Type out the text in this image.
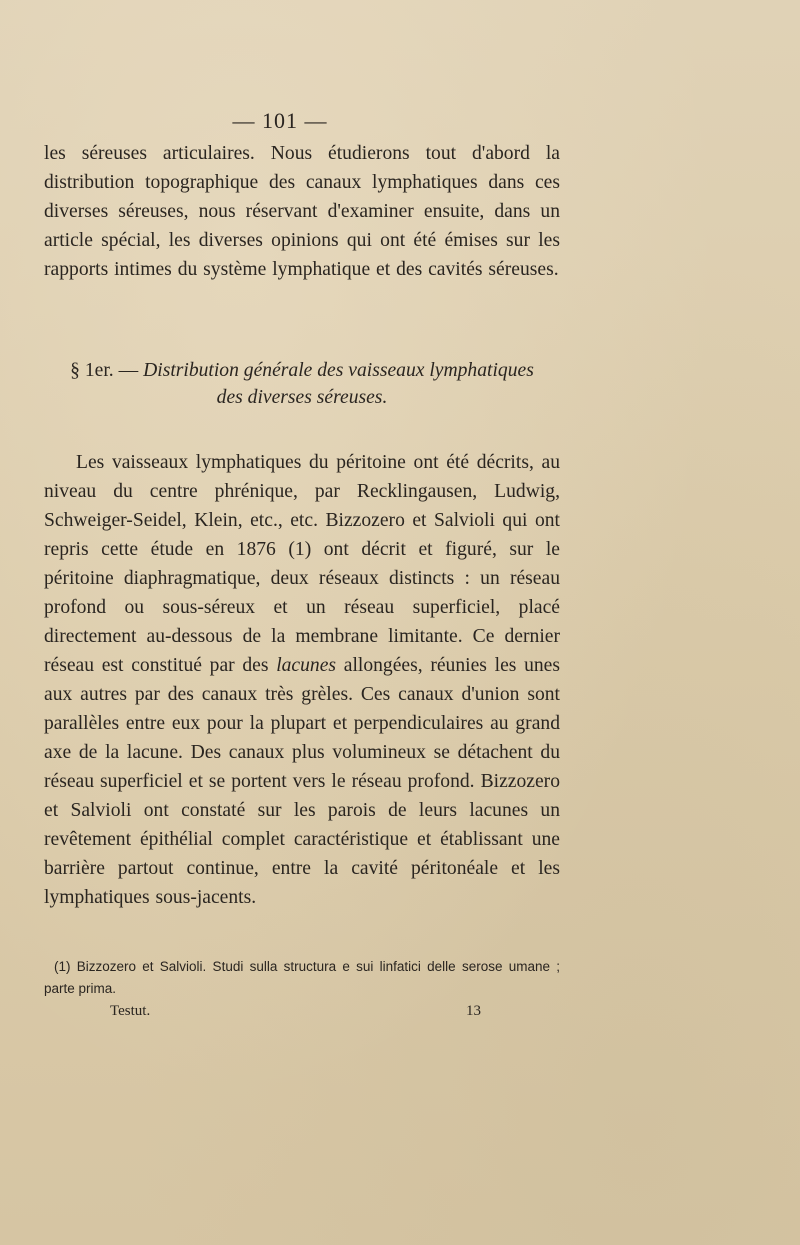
— 101 —

les séreuses articulaires. Nous étudierons tout d'abord la distribution topographique des canaux lymphatiques dans ces diverses séreuses, nous réservant d'examiner ensuite, dans un article spécial, les diverses opinions qui ont été émises sur les rapports intimes du système lymphatique et des cavités séreuses.

§ 1er. — Distribution générale des vaisseaux lymphatiques
des diverses séreuses.

Les vaisseaux lymphatiques du péritoine ont été décrits, au niveau du centre phrénique, par Recklingausen, Ludwig, Schweiger-Seidel, Klein, etc., etc. Bizzozero et Salvioli qui ont repris cette étude en 1876 (1) ont décrit et figuré, sur le péritoine diaphragmatique, deux réseaux distincts : un réseau profond ou sous-séreux et un réseau superficiel, placé directement au-dessous de la membrane limitante. Ce dernier réseau est constitué par des lacunes allongées, réunies les unes aux autres par des canaux très grèles. Ces canaux d'union sont parallèles entre eux pour la plupart et perpendiculaires au grand axe de la lacune. Des canaux plus volumineux se détachent du réseau superficiel et se portent vers le réseau profond. Bizzozero et Salvioli ont constaté sur les parois de leurs lacunes un revêtement épithélial complet caractéristique et établissant une barrière partout continue, entre la cavité péritonéale et les lymphatiques sous-jacents.

(1) Bizzozero et Salvioli. Studi sulla structura e sui linfatici delle serose umane ; parte prima.

Testut.	13
